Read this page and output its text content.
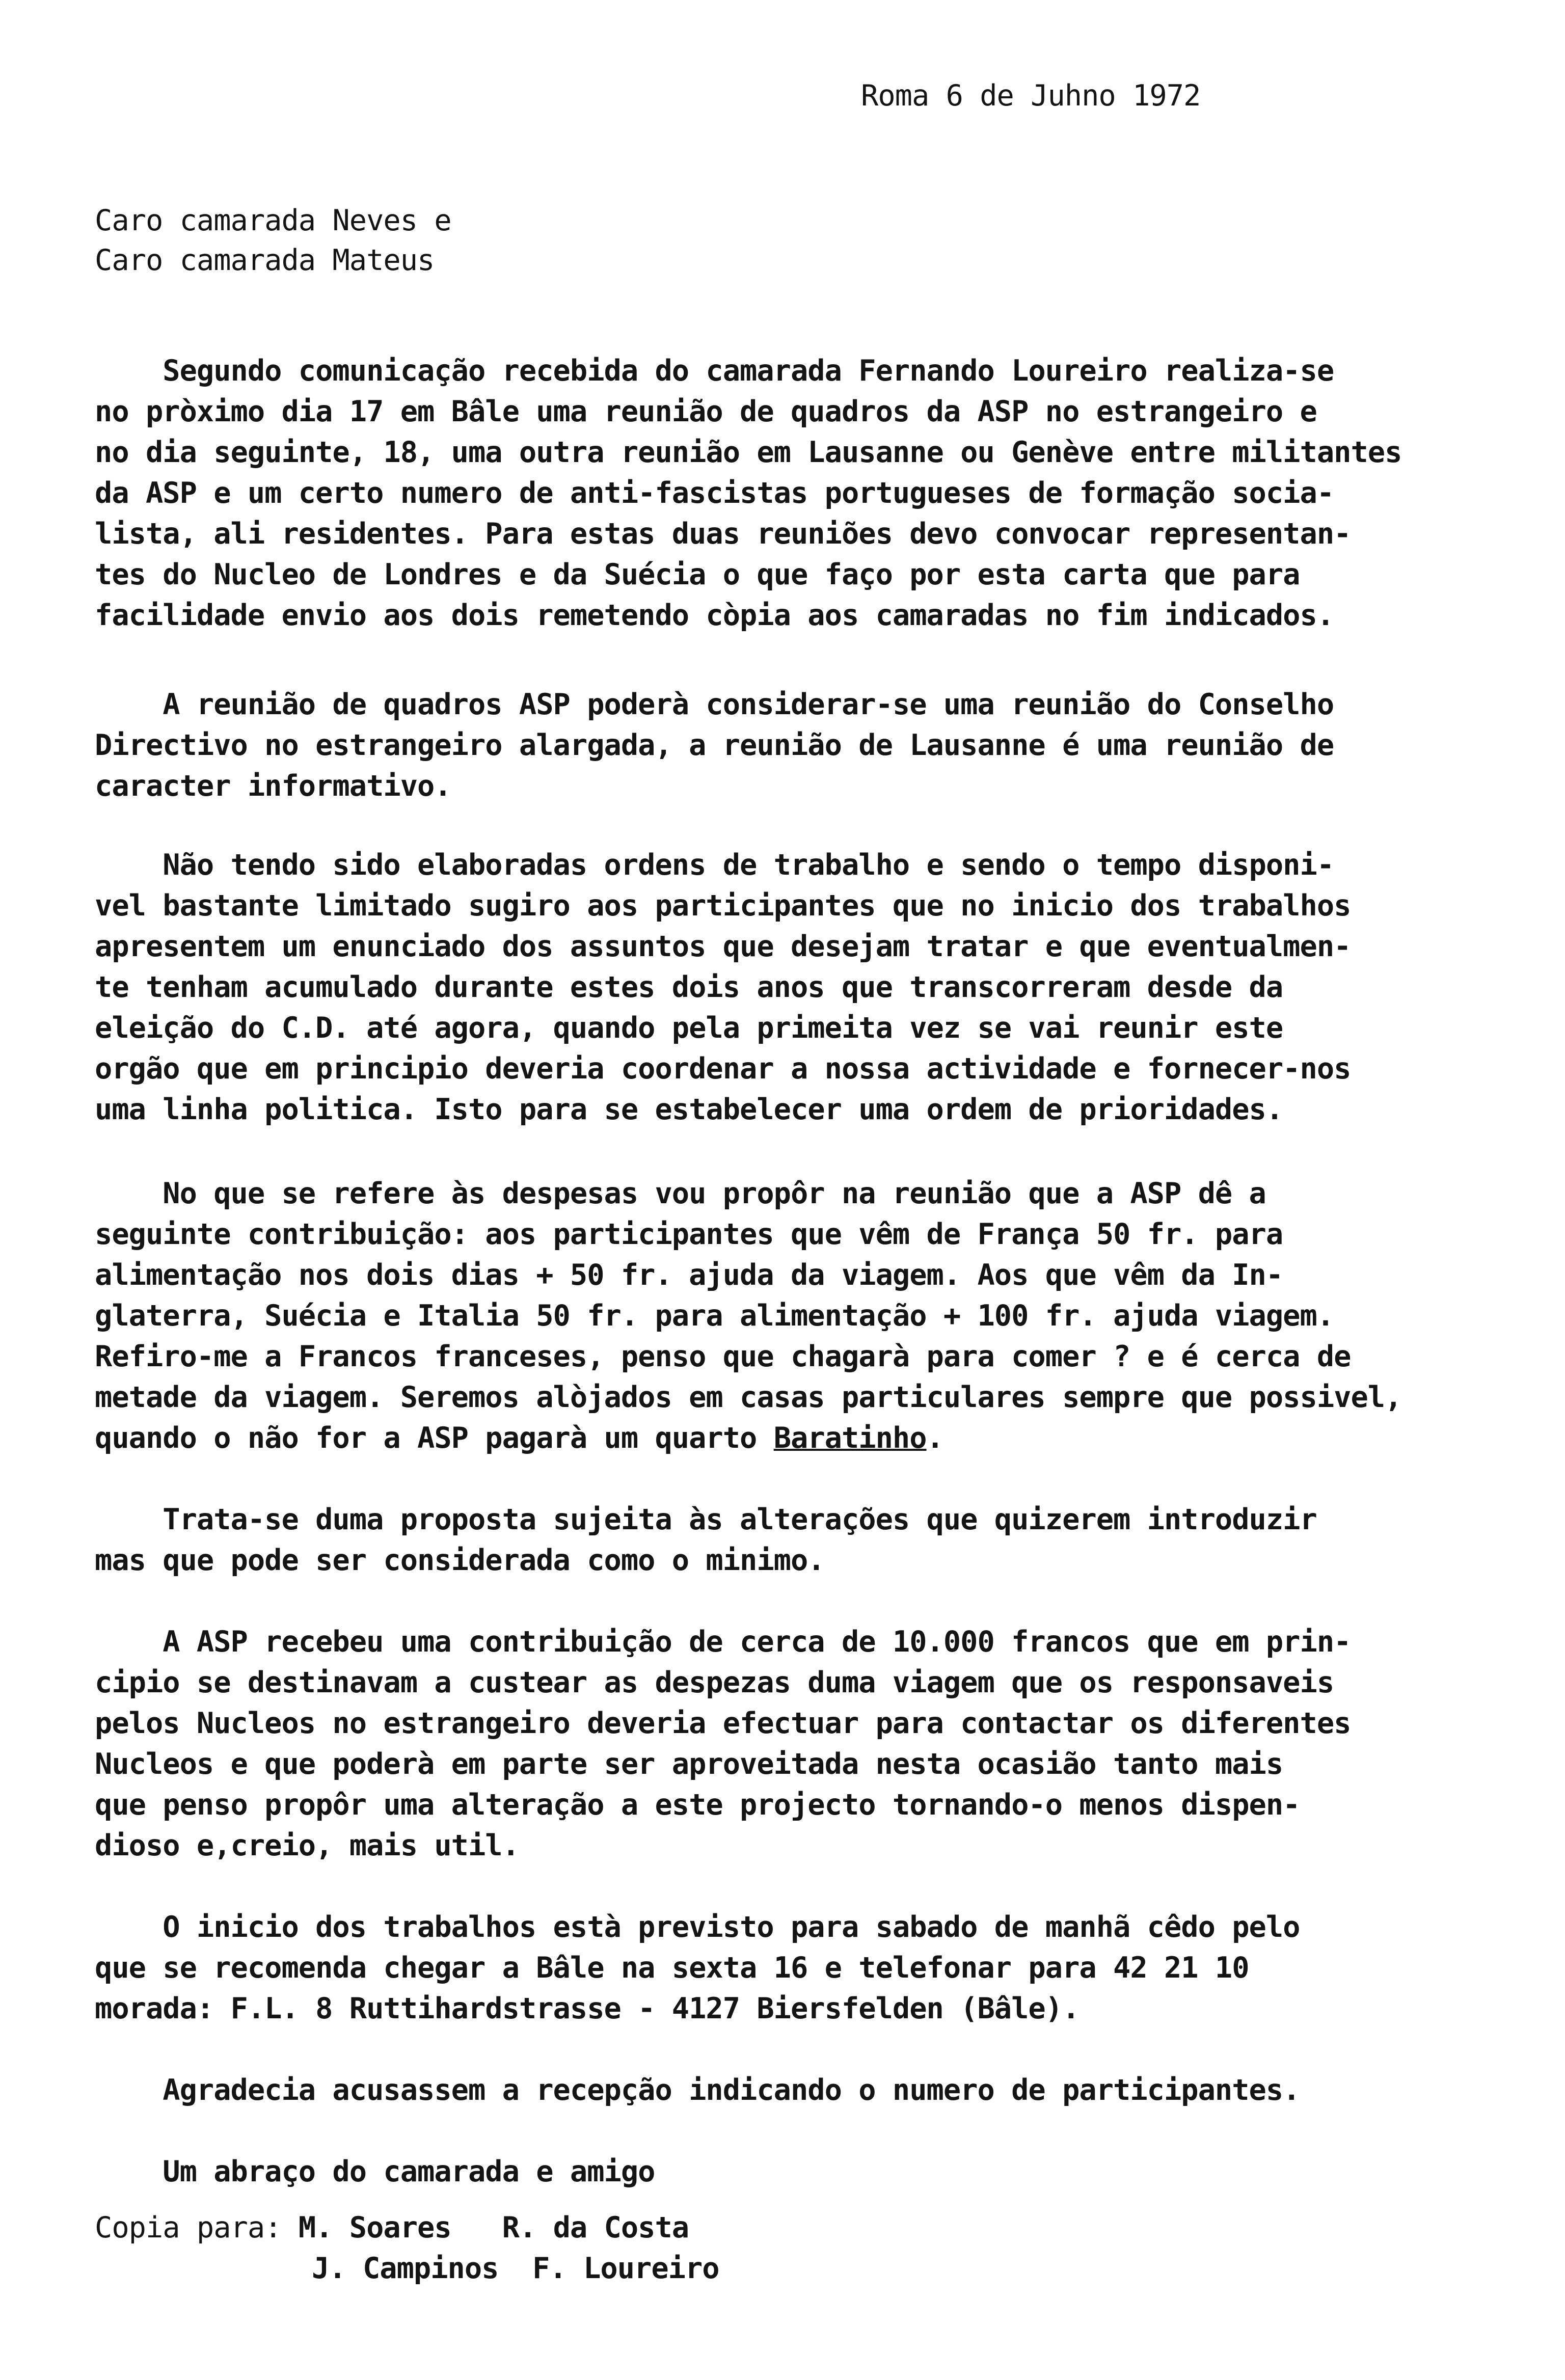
Roma 6 de Juhno 1972
Caro camarada Neves e
Caro camarada Mateus
Segundo comunicação recebida do camarada Fernando Loureiro realiza-se
no pròximo dia 17 em Bâle uma reunião de quadros da ASP no estrangeiro e
no dia seguinte, 18, uma outra reunião em Lausanne ou Genève entre militantes
da ASP e um certo numero de anti-fascistas portugueses de formação socia-
lista, ali residentes. Para estas duas reuniões devo convocar representan-
tes do Nucleo de Londres e da Suécia o que faço por esta carta que para
facilidade envio aos dois remetendo còpia aos camaradas no fim indicados.
A reunião de quadros ASP poderà considerar-se uma reunião do Conselho
Directivo no estrangeiro alargada, a reunião de Lausanne é uma reunião de
caracter informativo.
Não tendo sido elaboradas ordens de trabalho e sendo o tempo disponi-
vel bastante limitado sugiro aos participantes que no inicio dos trabalhos
apresentem um enunciado dos assuntos que desejam tratar e que eventualmen-
te tenham acumulado durante estes dois anos que transcorreram desde da
eleição do C.D. até agora, quando pela primeita vez se vai reunir este
orgão que em principio deveria coordenar a nossa actividade e fornecer-nos
uma linha politica. Isto para se estabelecer uma ordem de prioridades.
No que se refere às despesas vou propôr na reunião que a ASP dê a
seguinte contribuição: aos participantes que vêm de França 50 fr. para
alimentação nos dois dias + 50 fr. ajuda da viagem. Aos que vêm da In-
glaterra, Suécia e Italia 50 fr. para alimentação + 100 fr. ajuda viagem.
Refiro-me a Francos franceses, penso que chagarà para comer ? e é cerca de
metade da viagem. Seremos alòjados em casas particulares sempre que possivel,
quando o não for a ASP pagarà um quarto Baratinho.
Trata-se duma proposta sujeita às alterações que quizerem introduzir
mas que pode ser considerada como o minimo.
A ASP recebeu uma contribuição de cerca de 10.000 francos que em prin-
cipio se destinavam a custear as despezas duma viagem que os responsaveis
pelos Nucleos no estrangeiro deveria efectuar para contactar os diferentes
Nucleos e que poderà em parte ser aproveitada nesta ocasião tanto mais
que penso propôr uma alteração a este projecto tornando-o menos dispen-
dioso e,creio, mais util.
O inicio dos trabalhos està previsto para sabado de manhã cêdo pelo
que se recomenda chegar a Bâle na sexta 16 e telefonar para 42 21 10
morada: F.L. 8 Ruttihardstrasse - 4127 Biersfelden (Bâle).
Agradecia acusassem a recepção indicando o numero de participantes.
Um abraço do camarada e amigo
Copia para: M. Soares   R. da Costa
J. Campinos  F. Loureiro
